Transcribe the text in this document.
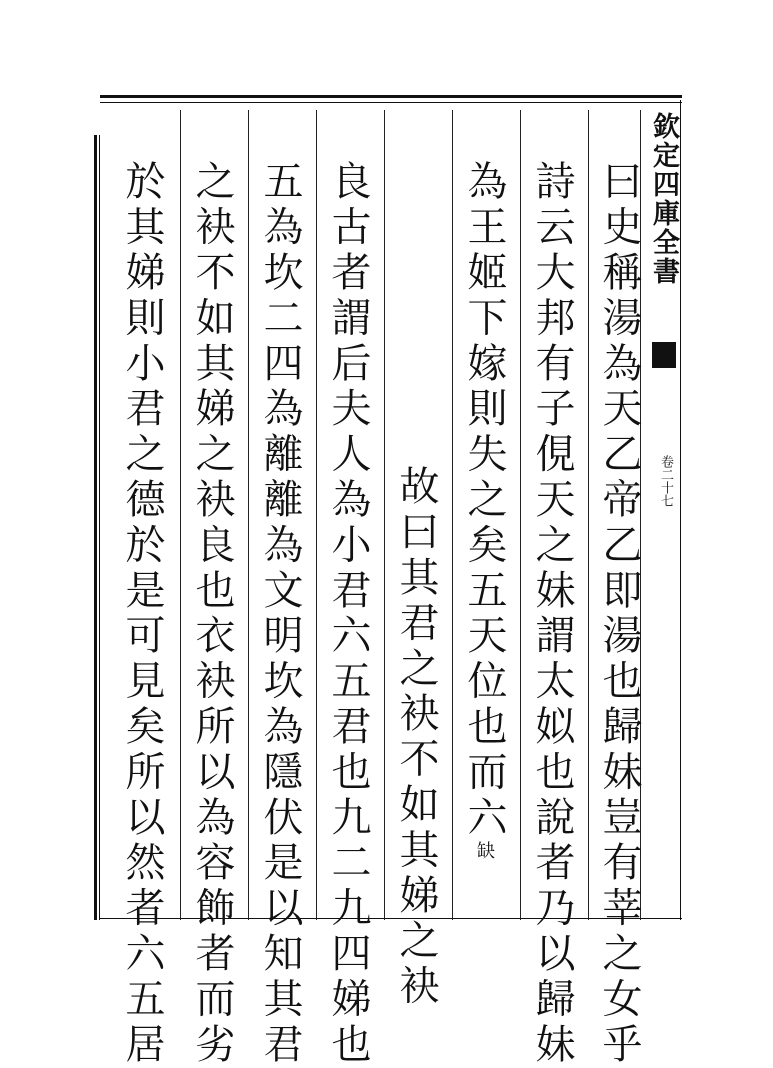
欽定四庫全書
卷二十七
曰史稱湯為天乙帝乙即湯也歸妹豈有莘之女乎
詩云大邦有子俔天之妹謂太姒也說者乃以歸妹
為王姬下嫁則失之矣五天位也而六缺
故曰其君之袂不如其娣之袂
良古者謂后夫人為小君六五君也九二九四娣也
五為坎二四為離離為文明坎為隱伏是以知其君
之袂不如其娣之袂良也衣袂所以為容飾者而劣
於其娣則小君之德於是可見矣所以然者六五居
